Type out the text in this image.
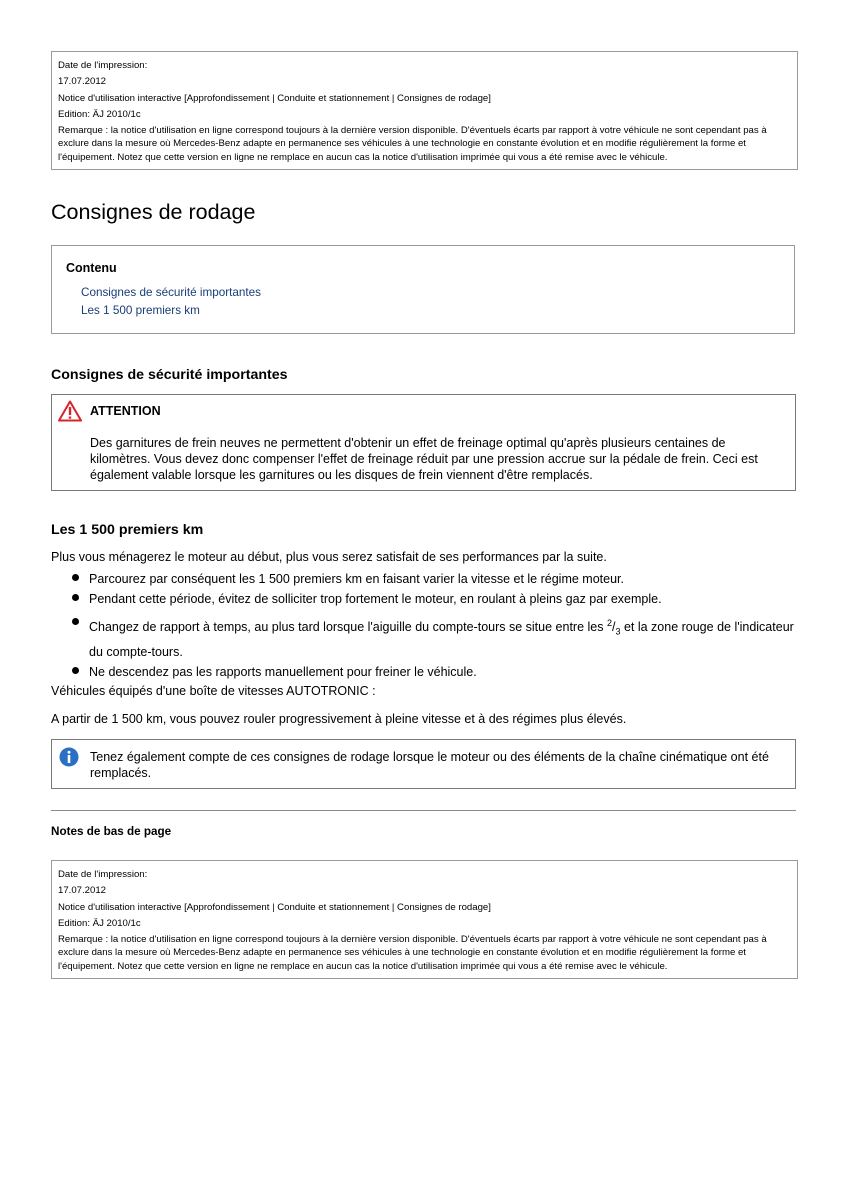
Date de l'impression:
17.07.2012
Notice d'utilisation interactive [Approfondissement | Conduite et stationnement | Consignes de rodage]
Edition: ÄJ 2010/1c
Remarque : la notice d'utilisation en ligne correspond toujours à la dernière version disponible. D'éventuels écarts par rapport à votre véhicule ne sont cependant pas à exclure dans la mesure où Mercedes-Benz adapte en permanence ses véhicules à une technologie en constante évolution et en modifie régulièrement la forme et l'équipement. Notez que cette version en ligne ne remplace en aucun cas la notice d'utilisation imprimée qui vous a été remise avec le véhicule.
Consignes de rodage
Contenu
Consignes de sécurité importantes
Les 1 500 premiers km
Consignes de sécurité importantes
ATTENTION
Des garnitures de frein neuves ne permettent d'obtenir un effet de freinage optimal qu'après plusieurs centaines de kilomètres. Vous devez donc compenser l'effet de freinage réduit par une pression accrue sur la pédale de frein. Ceci est également valable lorsque les garnitures ou les disques de frein viennent d'être remplacés.
Les 1 500 premiers km

Plus vous ménagerez le moteur au début, plus vous serez satisfait de ses performances par la suite.

Parcourez par conséquent les 1 500 premiers km en faisant varier la vitesse et le régime moteur.
Pendant cette période, évitez de solliciter trop fortement le moteur, en roulant à pleins gaz par exemple.
Changez de rapport à temps, au plus tard lorsque l'aiguille du compte-tours se situe entre les $^2/_3$ et la zone rouge de l'indicateur du compte-tours.
Ne descendez pas les rapports manuellement pour freiner le véhicule.

Véhicules équipés d'une boîte de vitesses AUTOTRONIC :

A partir de 1 500 km, vous pouvez rouler progressivement à pleine vitesse et à des régimes plus élevés.

Tenez également compte de ces consignes de rodage lorsque le moteur ou des éléments de la chaîne cinématique ont été remplacés.
Notes de bas de page
Date de l'impression:
17.07.2012
Notice d'utilisation interactive [Approfondissement | Conduite et stationnement | Consignes de rodage]
Edition: ÄJ 2010/1c
Remarque : la notice d'utilisation en ligne correspond toujours à la dernière version disponible. D'éventuels écarts par rapport à votre véhicule ne sont cependant pas à exclure dans la mesure où Mercedes-Benz adapte en permanence ses véhicules à une technologie en constante évolution et en modifie régulièrement la forme et l'équipement. Notez que cette version en ligne ne remplace en aucun cas la notice d'utilisation imprimée qui vous a été remise avec le véhicule.
